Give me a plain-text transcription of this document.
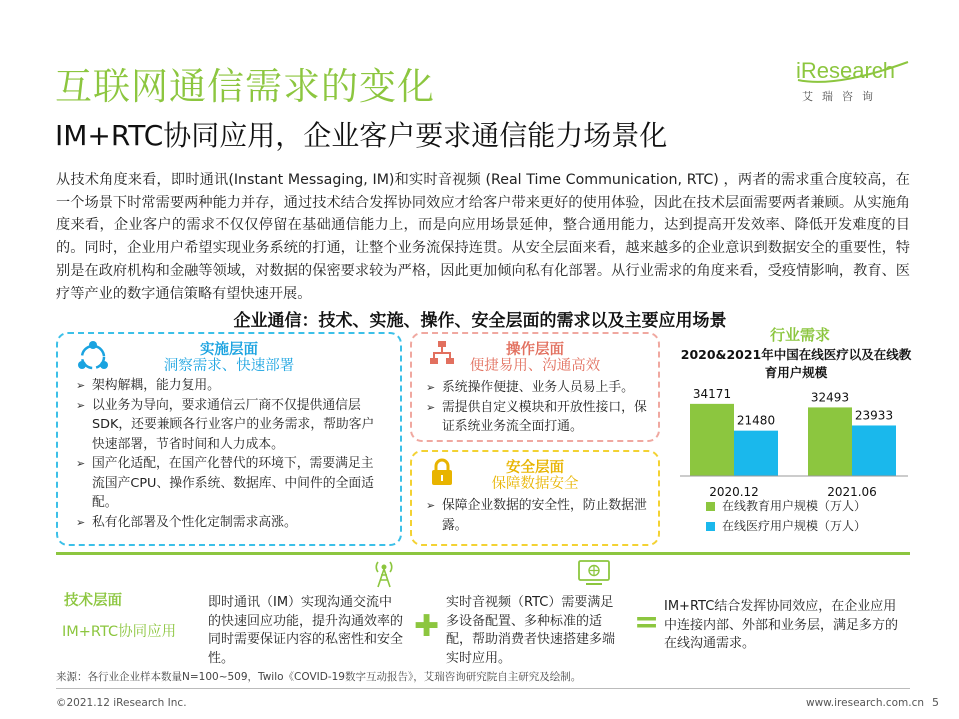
互联网通信需求的变化
IM+RTC协同应用，企业客户要求通信能力场景化
iResearch
艾瑞咨询
从技术角度来看，即时通讯(Instant Messaging, IM)和实时音视频 (Real Time Communication, RTC) ，两者的需求重合度较高，在一个场景下时常需要两种能力并存，通过技术结合发挥协同效应才给客户带来更好的使用体验，因此在技术层面需要两者兼顾。从实施角度来看，企业客户的需求不仅仅停留在基础通信能力上，而是向应用场景延伸，整合通用能力，达到提高开发效率、降低开发难度的目的。同时，企业用户希望实现业务系统的打通，让整个业务流保持连贯。从安全层面来看，越来越多的企业意识到数据安全的重要性，特别是在政府机构和金融等领域，对数据的保密要求较为严格，因此更加倾向私有化部署。从行业需求的角度来看，受疫情影响，教育、医疗等产业的数字通信策略有望快速开展。
企业通信：技术、实施、操作、安全层面的需求以及主要应用场景
实施层面
洞察需求、快速部署
➢ 架构解耦，能力复用。
➢ 以业务为导向，要求通信云厂商不仅提供通信层SDK，还要兼顾各行业客户的业务需求，帮助客户快速部署，节省时间和人力成本。
➢ 国产化适配，在国产化替代的环境下，需要满足主流国产CPU、操作系统、数据库、中间件的全面适配。
➢ 私有化部署及个性化定制需求高涨。
操作层面
便捷易用、沟通高效
➢ 系统操作便捷、业务人员易上手。
➢ 需提供自定义模块和开放性接口，保证系统业务流全面打通。
安全层面
保障数据安全
➢ 保障企业数据的安全性，防止数据泄露。
行业需求
2020&2021年中国在线医疗以及在线教育用户规模
34171
21480
2020.12
32493
23933
2021.06
在线教育用户规模（万人）
在线医疗用户规模（万人）
技术层面
IM+RTC协同应用
即时通讯（IM）实现沟通交流中的快速回应功能，提升沟通效率的同时需要保证内容的私密性和安全性。
✚
实时音视频（RTC）需要满足多设备配置、多种标准的适配，帮助消费者快速搭建多端实时应用。
= IM+RTC结合发挥协同效应，在企业应用中连接内部、外部和业务层，满足多方的在线沟通需求。
来源：各行业企业样本数量N=100~509，Twilo《COVID-19数字互动报告》，艾瑞咨询研究院自主研究及绘制。
©2021.12 iResearch Inc.	www.iresearch.com.cn 5
